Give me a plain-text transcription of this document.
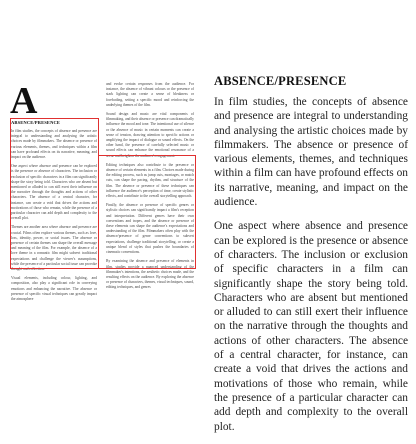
A
ABSENCE/PRESENCE

In film studies, the concepts of absence and presence are integral to understanding and analysing the artistic choices made by filmmakers. The absence or presence of various elements, themes, and techniques within a film can have profound effects on its narrative, meaning, and impact on the audience.

One aspect where absence and presence can be explored is the presence or absence of characters. The inclusion or exclusion of specific characters in a film can significantly shape the story being told. Characters who are absent but mentioned or alluded to can still exert their influence on the narrative through the thoughts and actions of other characters. The absence of a central character, for instance, can create a void that drives the actions and motivations of those who remain, while the presence of a particular character can add depth and complexity to the overall plot.

Themes are another area where absence and presence are crucial. Films often explore various themes, such as love, loss, identity, power, or social issues. The absence or presence of certain themes can shape the overall message and meaning of the film. For example, the absence of a love theme in a romantic film might subvert traditional expectations and challenge the viewer's assumptions, while the presence of a particular social issue can provoke thought and reflection.

Visual elements, including colour, lighting, and composition, also play a significant role in conveying emotions and enhancing the narrative. The absence or presence of specific visual techniques can greatly impact the atmosphere

and evoke certain responses from the audience. For instance, the absence of vibrant colours or the presence of stark lighting can create a sense of bleakness or foreboding, setting a specific mood and reinforcing the underlying themes of the film.

Sound design and music are vital components of filmmaking, and their absence or presence can dramatically influence the mood and tone. The intentional use of silence or the absence of music in certain moments can create a sense of tension, drawing attention to specific actions or amplifying the impact of dialogue or sound effects. On the other hand, the presence of carefully selected music or sound effects can enhance the emotional resonance of a scene and heighten the audience's engagement.

Editing techniques also contribute to the presence or absence of certain elements in a film. Choices made during the editing process, such as jump cuts, montages, or match cuts, can shape the pacing, rhythm, and structure of the film. The absence or presence of these techniques can influence the audience's perception of time, create stylistic effects, and contribute to the overall storytelling approach.

Finally, the absence or presence of specific genres or stylistic choices can significantly impact a film's reception and interpretation. Different genres have their own conventions and tropes, and the absence or presence of these elements can shape the audience's expectations and understanding of the film. Filmmakers often play with the absence/presence of genre conventions to subvert expectations, challenge traditional storytelling, or create a unique blend of styles that pushes the boundaries of cinematic conventions.

By examining the absence and presence of elements in film, studies provide a nuanced understanding of the filmmaker's intentions, the aesthetic choices made, and the resulting effects on the audience. By exploring the absence or presence of characters, themes, visual techniques, sound, editing techniques, and genres

ABSENCE/PRESENCE

In film studies, the concepts of absence and presence are integral to understanding and analysing the artistic choices made by filmmakers. The absence or presence of various elements, themes, and techniques within a film can have profound effects on its narrative, meaning, and impact on the audience.

One aspect where absence and presence can be explored is the presence or absence of characters. The inclusion or exclusion of specific characters in a film can significantly shape the story being told. Characters who are absent but mentioned or alluded to can still exert their influence on the narrative through the thoughts and actions of other characters. The absence of a central character, for instance, can create a void that drives the actions and motivations of those who remain, while the presence of a particular character can add depth and complexity to the overall plot.
